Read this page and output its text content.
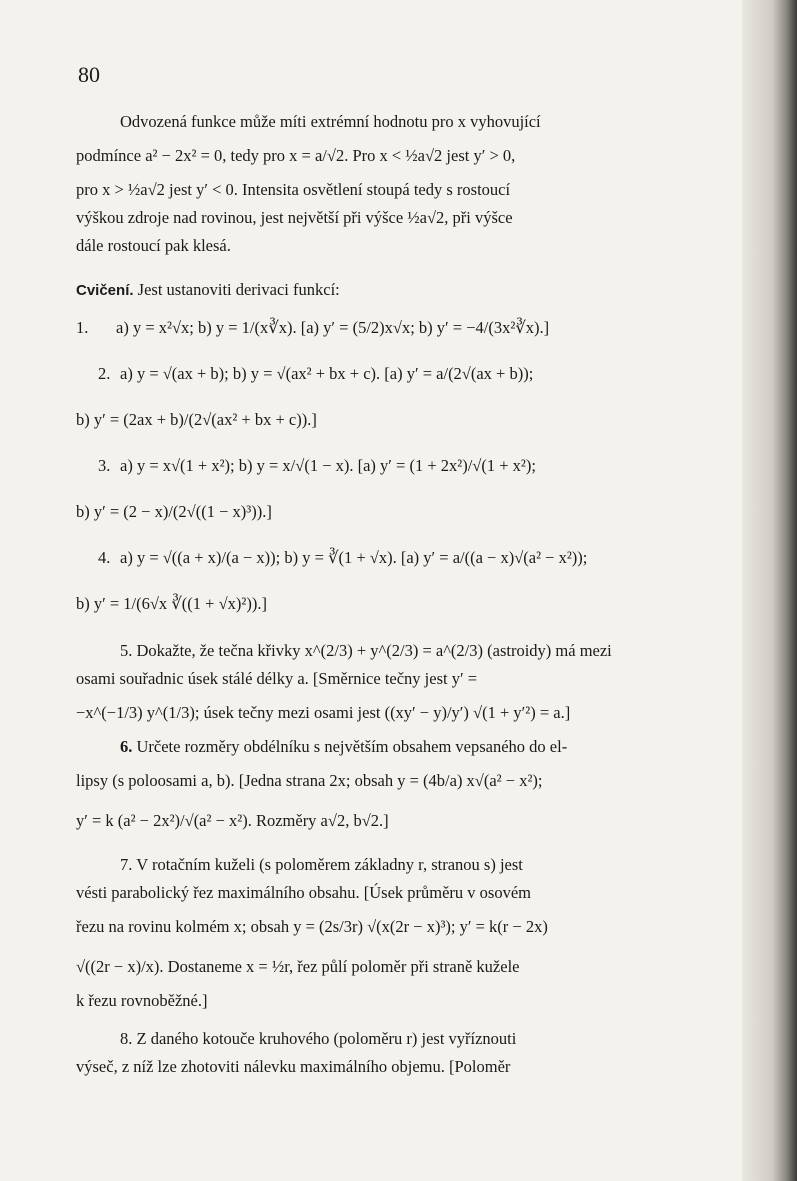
80
Odvozená funkce může míti extrémní hodnotu pro x vyhovující
podmínce a² − 2x² = 0, tedy pro x = a/√2. Pro x < ½a√2 jest y′ > 0,
pro x > ½a√2 jest y′ < 0. Intensita osvětlení stoupá tedy s rostoucí
výškou zdroje nad rovinou, jest největší při výšce ½a√2, při výšce
dále rostoucí pak klesá.
Cvičení. Jest ustanoviti derivaci funkcí:
1. a) y = x²√x; b) y = 1/(x∛x). [a) y′ = (5/2)x√x; b) y′ = −4/(3x²∛x).]
2. a) y = √(ax + b); b) y = √(ax² + bx + c). [a) y′ = a/(2√(ax + b));
b) y′ = (2ax + b)/(2√(ax² + bx + c)).]
3. a) y = x√(1 + x²); b) y = x/√(1 − x). [a) y′ = (1 + 2x²)/√(1 + x²);
b) y′ = (2 − x)/(2√((1 − x)³)).]
4. a) y = √((a + x)/(a − x)); b) y = ∛(1 + √x). [a) y′ = a/((a − x)√(a² − x²));
b) y′ = 1/(6√x ∛((1 + √x)²)).]
5. Dokažte, že tečna křivky x^(2/3) + y^(2/3) = a^(2/3) (astroidy) má mezi
osami souřadnic úsek stálé délky a. [Směrnice tečny jest y′ =
−x^(−1/3) y^(1/3); úsek tečny mezi osami jest ((xy′ − y)/y′) √(1 + y′²) = a.]
6. Určete rozměry obdélníku s největším obsahem vepsaného do el-
lipsy (s poloosami a, b). [Jedna strana 2x; obsah y = (4b/a) x√(a² − x²);
y′ = k (a² − 2x²)/√(a² − x²). Rozměry a√2, b√2.]
7. V rotačním kuželi (s poloměrem základny r, stranou s) jest
vésti parabolický řez maximálního obsahu. [Úsek průměru v osovém
řezu na rovinu kolmém x; obsah y = (2s/3r) √(x(2r − x)³); y′ = k(r − 2x)
√((2r − x)/x). Dostaneme x = ½r, řez půlí poloměr při straně kužele
k řezu rovnoběžné.]
8. Z daného kotouče kruhového (poloměru r) jest vyříznouti
výseč, z níž lze zhotoviti nálevku maximálního objemu. [Poloměr
